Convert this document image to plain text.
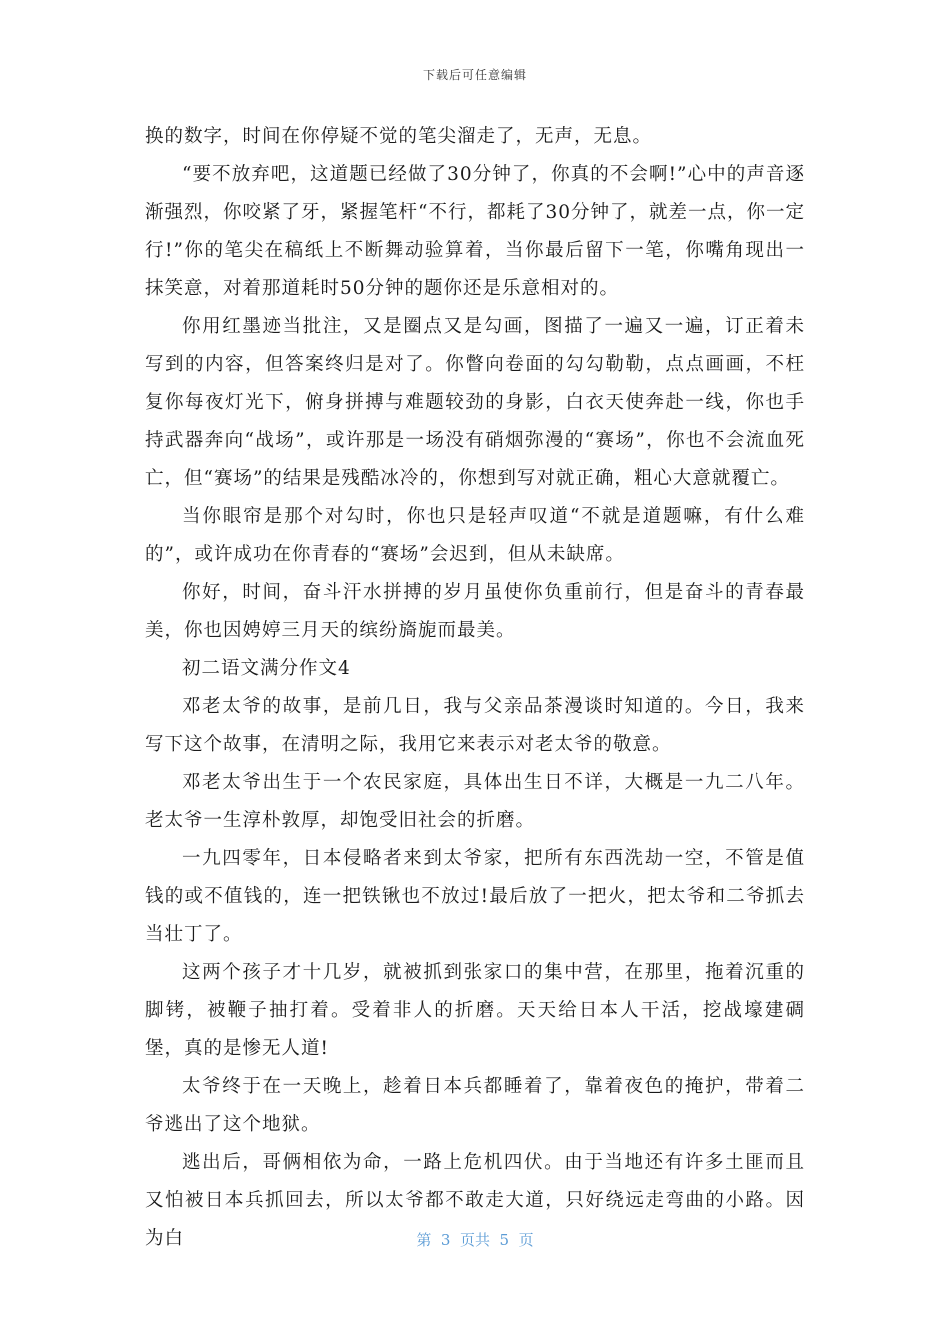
下载后可任意编辑

换的数字，时间在你停疑不觉的笔尖溜走了，无声，无息。

“要不放弃吧，这道题已经做了30分钟了，你真的不会啊!”心中的声音逐渐强烈，你咬紧了牙，紧握笔杆“不行，都耗了30分钟了，就差一点，你一定行!”你的笔尖在稿纸上不断舞动验算着，当你最后留下一笔，你嘴角现出一抹笑意，对着那道耗时50分钟的题你还是乐意相对的。

你用红墨迹当批注，又是圈点又是勾画，图描了一遍又一遍，订正着未写到的内容，但答案终归是对了。你瞥向卷面的勾勾勒勒，点点画画，不枉复你每夜灯光下，俯身拼搏与难题较劲的身影，白衣天使奔赴一线，你也手持武器奔向“战场”，或许那是一场没有硝烟弥漫的“赛场”，你也不会流血死亡，但“赛场”的结果是残酷冰冷的，你想到写对就正确，粗心大意就覆亡。

当你眼帘是那个对勾时，你也只是轻声叹道“不就是道题嘛，有什么难的”，或许成功在你青春的“赛场”会迟到，但从未缺席。

你好，时间，奋斗汗水拼搏的岁月虽使你负重前行，但是奋斗的青春最美，你也因娉婷三月天的缤纷旖旎而最美。

初二语文满分作文4

邓老太爷的故事，是前几日，我与父亲品茶漫谈时知道的。今日，我来写下这个故事，在清明之际，我用它来表示对老太爷的敬意。

邓老太爷出生于一个农民家庭，具体出生日不详，大概是一九二八年。老太爷一生淳朴敦厚，却饱受旧社会的折磨。

一九四零年，日本侵略者来到太爷家，把所有东西洗劫一空，不管是值钱的或不值钱的，连一把铁锹也不放过!最后放了一把火，把太爷和二爷抓去当壮丁了。

这两个孩子才十几岁，就被抓到张家口的集中营，在那里，拖着沉重的脚铐，被鞭子抽打着。受着非人的折磨。天天给日本人干活，挖战壕建碉堡，真的是惨无人道!

太爷终于在一天晚上，趁着日本兵都睡着了，靠着夜色的掩护，带着二爷逃出了这个地狱。

逃出后，哥俩相依为命，一路上危机四伏。由于当地还有许多土匪而且又怕被日本兵抓回去，所以太爷都不敢走大道，只好绕远走弯曲的小路。因为白	第  3  页共  5  页
